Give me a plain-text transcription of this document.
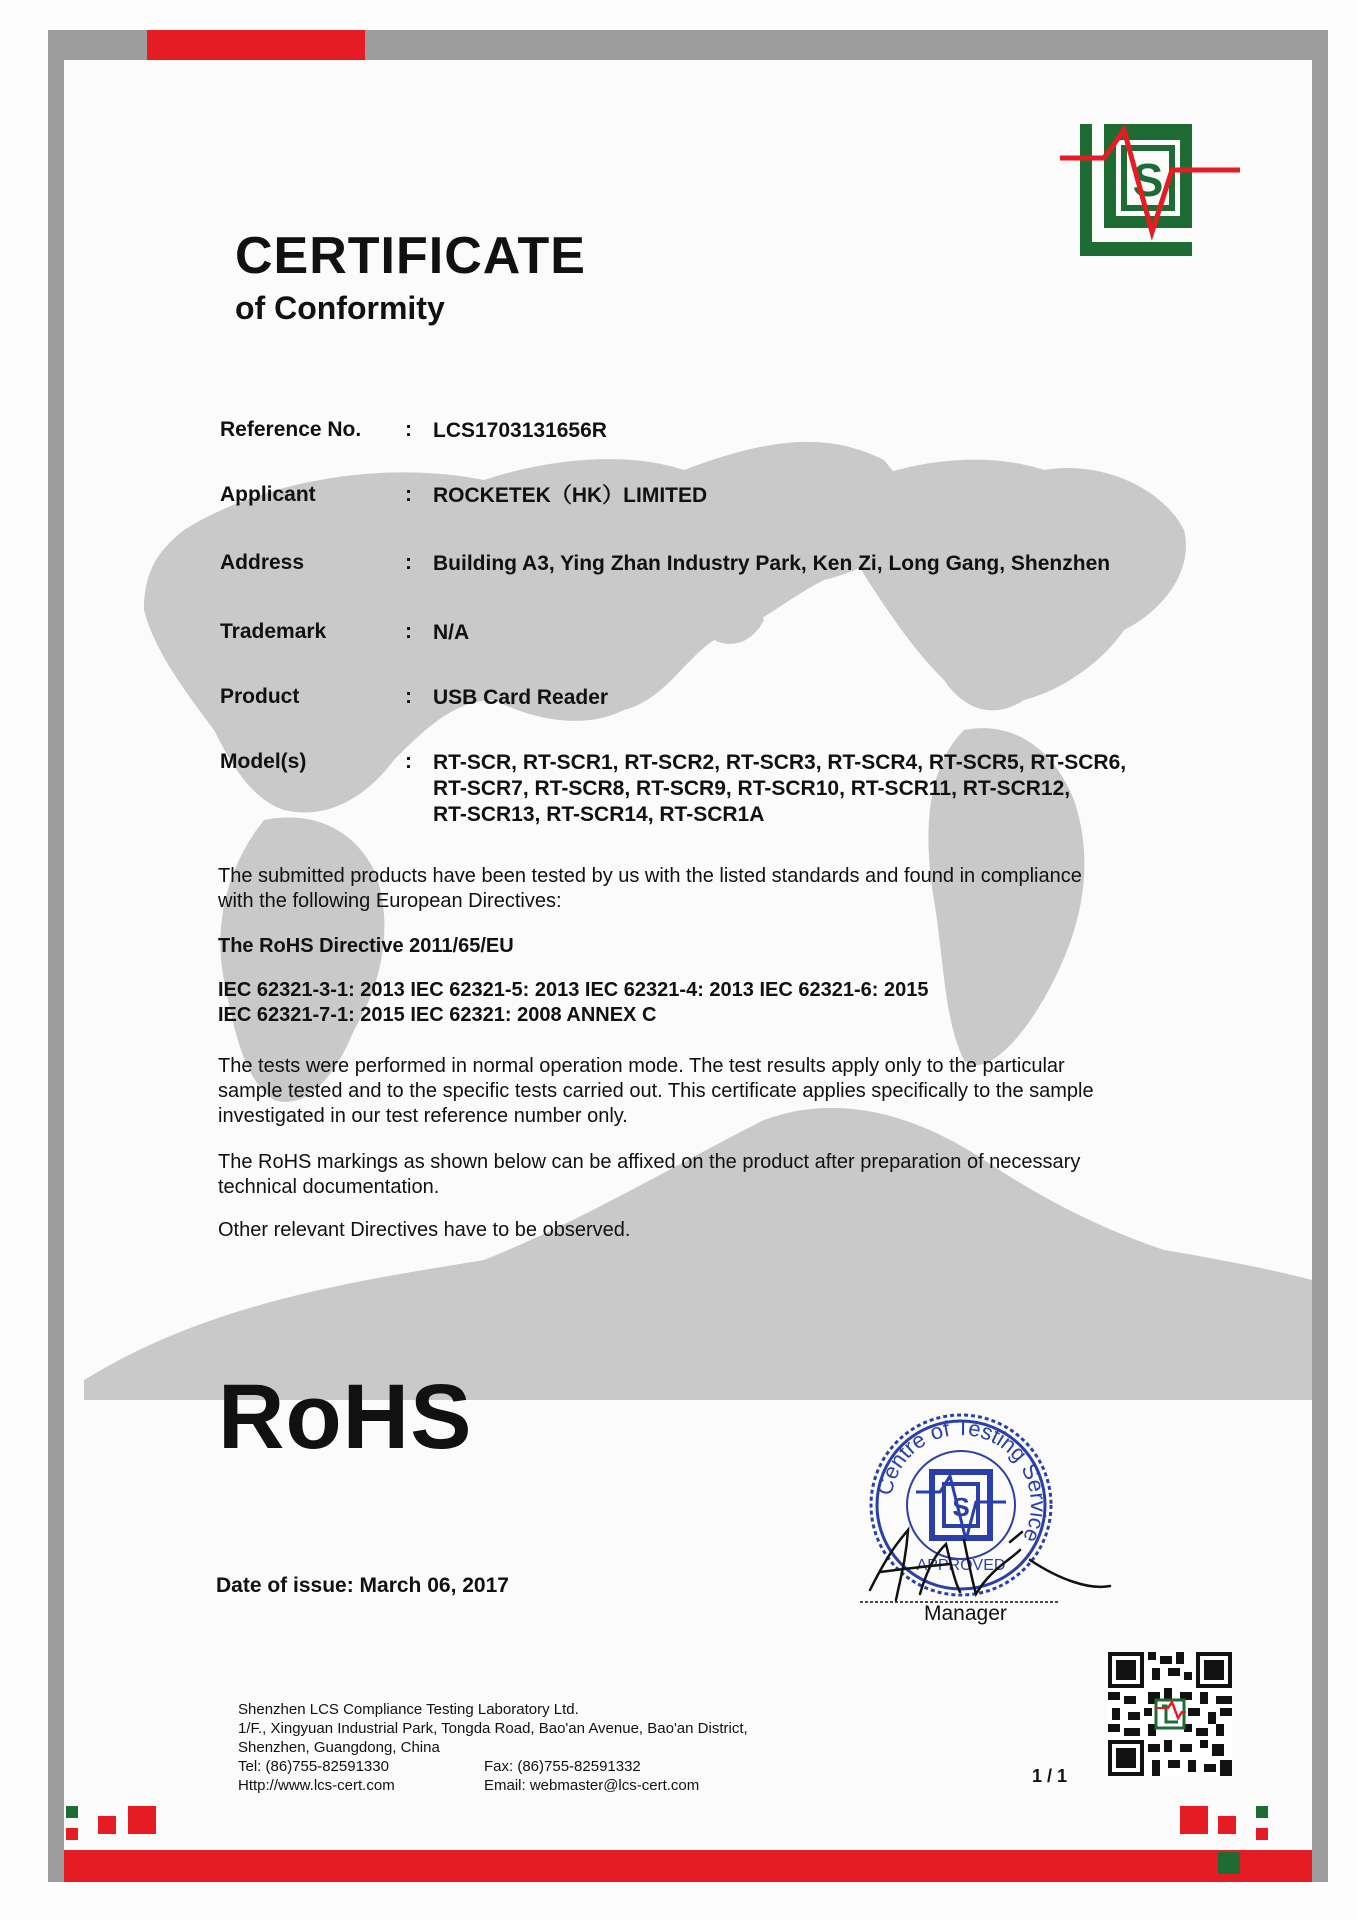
S
CERTIFICATE
of Conformity
Reference No.	: LCS1703131656R
Applicant	: ROCKETEK（HK）LIMITED
Address	: Building A3, Ying Zhan Industry Park, Ken Zi, Long Gang, Shenzhen
Trademark	: N/A
Product	: USB Card Reader
Model(s)	: RT-SCR, RT-SCR1, RT-SCR2, RT-SCR3, RT-SCR4, RT-SCR5, RT-SCR6,
RT-SCR7, RT-SCR8, RT-SCR9, RT-SCR10, RT-SCR11, RT-SCR12,
RT-SCR13, RT-SCR14, RT-SCR1A
The submitted products have been tested by us with the listed standards and found in compliance
with the following European Directives:
The RoHS Directive 2011/65/EU
IEC 62321-3-1: 2013 IEC 62321-5: 2013 IEC 62321-4: 2013 IEC 62321-6: 2015
IEC 62321-7-1: 2015 IEC 62321: 2008 ANNEX C
The tests were performed in normal operation mode. The test results apply only to the particular
sample tested and to the specific tests carried out. This certificate applies specifically to the sample
investigated in our test reference number only.
The RoHS markings as shown below can be affixed on the product after preparation of necessary
technical documentation.
Other relevant Directives have to be observed.
RoHS
Date of issue: March 06, 2017
Centre of Testing Service
S
APPROVED
Manager
Shenzhen LCS Compliance Testing Laboratory Ltd.
1/F., Xingyuan Industrial Park, Tongda Road, Bao'an Avenue, Bao'an District,
Shenzhen, Guangdong, China
Tel: (86)755-82591330	Fax: (86)755-82591332
Http://www.lcs-cert.com	Email: webmaster@lcs-cert.com	1 / 1
